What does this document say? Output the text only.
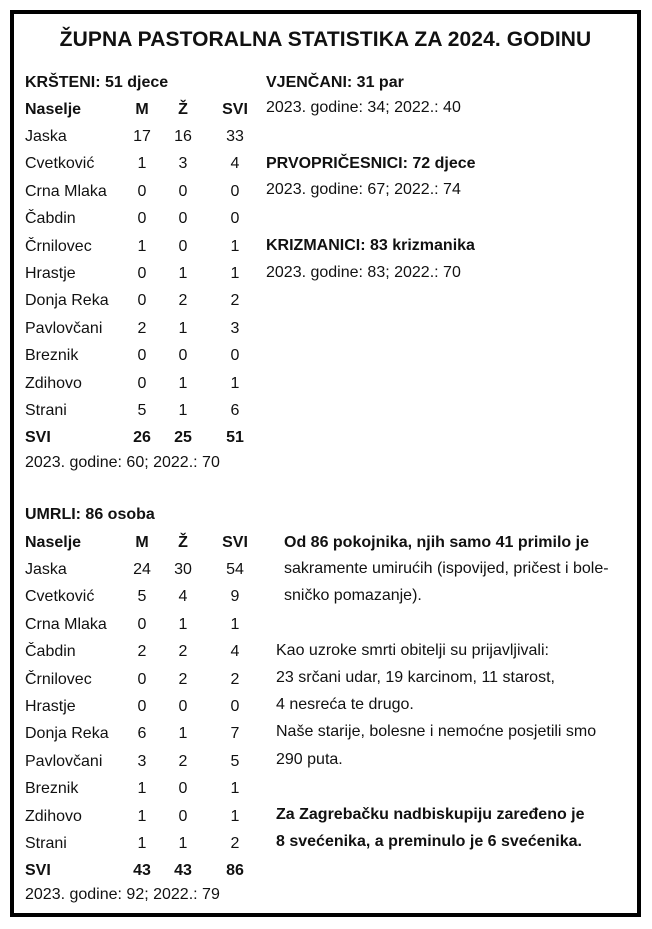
ŽUPNA PASTORALNA STATISTIKA ZA 2024. GODINU
KRŠTENI: 51 djece
Naselje	M	Ž	SVI
Jaska	17	16	33
Cvetković	1	3	4
Crna Mlaka	0	0	0
Čabdin	0	0	0
Črnilovec	1	0	1
Hrastje	0	1	1
Donja Reka	0	2	2
Pavlovčani	2	1	3
Breznik	0	0	0
Zdihovo	0	1	1
Strani	5	1	6
SVI	26	25	51
2023. godine: 60; 2022.: 70
VJENČANI: 31 par
2023. godine: 34; 2022.: 40
PRVOPRIČESNICI: 72 djece
2023. godine: 67; 2022.: 74
KRIZMANICI: 83 krizmanika
2023. godine: 83; 2022.: 70
UMRLI: 86 osoba
Naselje	M	Ž	SVI
Jaska	24	30	54
Cvetković	5	4	9
Crna Mlaka	0	1	1
Čabdin	2	2	4
Črnilovec	0	2	2
Hrastje	0	0	0
Donja Reka	6	1	7
Pavlovčani	3	2	5
Breznik	1	0	1
Zdihovo	1	0	1
Strani	1	1	2
SVI	43	43	86
2023. godine: 92; 2022.: 79
Od 86 pokojnika, njih samo 41 primilo je
sakramente umirućih (ispovijed, pričest i bole-
sničko pomazanje).
Kao uzroke smrti obitelji su prijavljivali:
23 srčani udar, 19 karcinom, 11 starost,
4 nesreća te drugo.
Naše starije, bolesne i nemoćne posjetili smo
290 puta.
Za Zagrebačku nadbiskupiju zaređeno je
8 svećenika, a preminulo je 6 svećenika.
